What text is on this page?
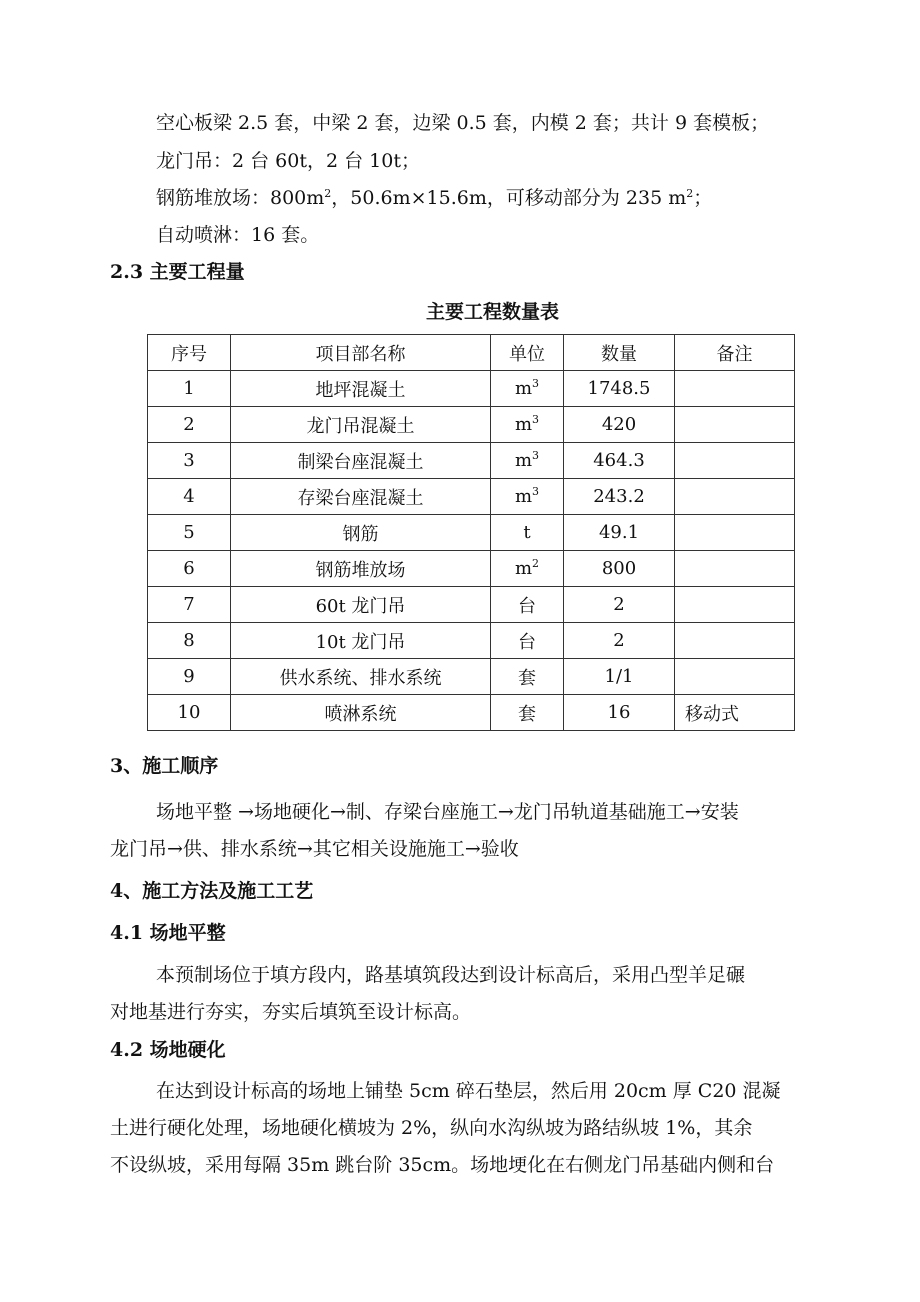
空心板梁 2.5 套，中梁 2 套，边梁 0.5 套，内模 2 套；共计 9 套模板；
龙门吊：2 台 60t，2 台 10t；
钢筋堆放场：$800m^2$，50.6m×15.6m，可移动部分为 235 $m^2$；
自动喷淋：16 套。
2.3 主要工程量
主要工程数量表
序号	项目部名称	单位	数量	备注
1	地坪混凝土	$m^3$	1748.5	
2	龙门吊混凝土	$m^3$	420	
3	制梁台座混凝土	$m^3$	464.3	
4	存梁台座混凝土	$m^3$	243.2	
5	钢筋	t	49.1	
6	钢筋堆放场	$m^2$	800	
7	60t 龙门吊	台	2	
8	10t 龙门吊	台	2	
9	供水系统、排水系统	套	1/1	
10	喷淋系统	套	16	移动式
3、施工顺序
场地平整 →场地硬化→制、存梁台座施工→龙门吊轨道基础施工→安装
龙门吊→供、排水系统→其它相关设施施工→验收
4、施工方法及施工工艺
4.1 场地平整
本预制场位于填方段内，路基填筑段达到设计标高后，采用凸型羊足碾
对地基进行夯实，夯实后填筑至设计标高。
4.2 场地硬化
在达到设计标高的场地上铺垫 5cm 碎石垫层，然后用 20cm 厚 C20 混凝
土进行硬化处理，场地硬化横坡为 2%，纵向水沟纵坡为路结纵坡 1%，其余
不设纵坡，采用每隔 35m 跳台阶 35cm。场地埂化在右侧龙门吊基础内侧和台
